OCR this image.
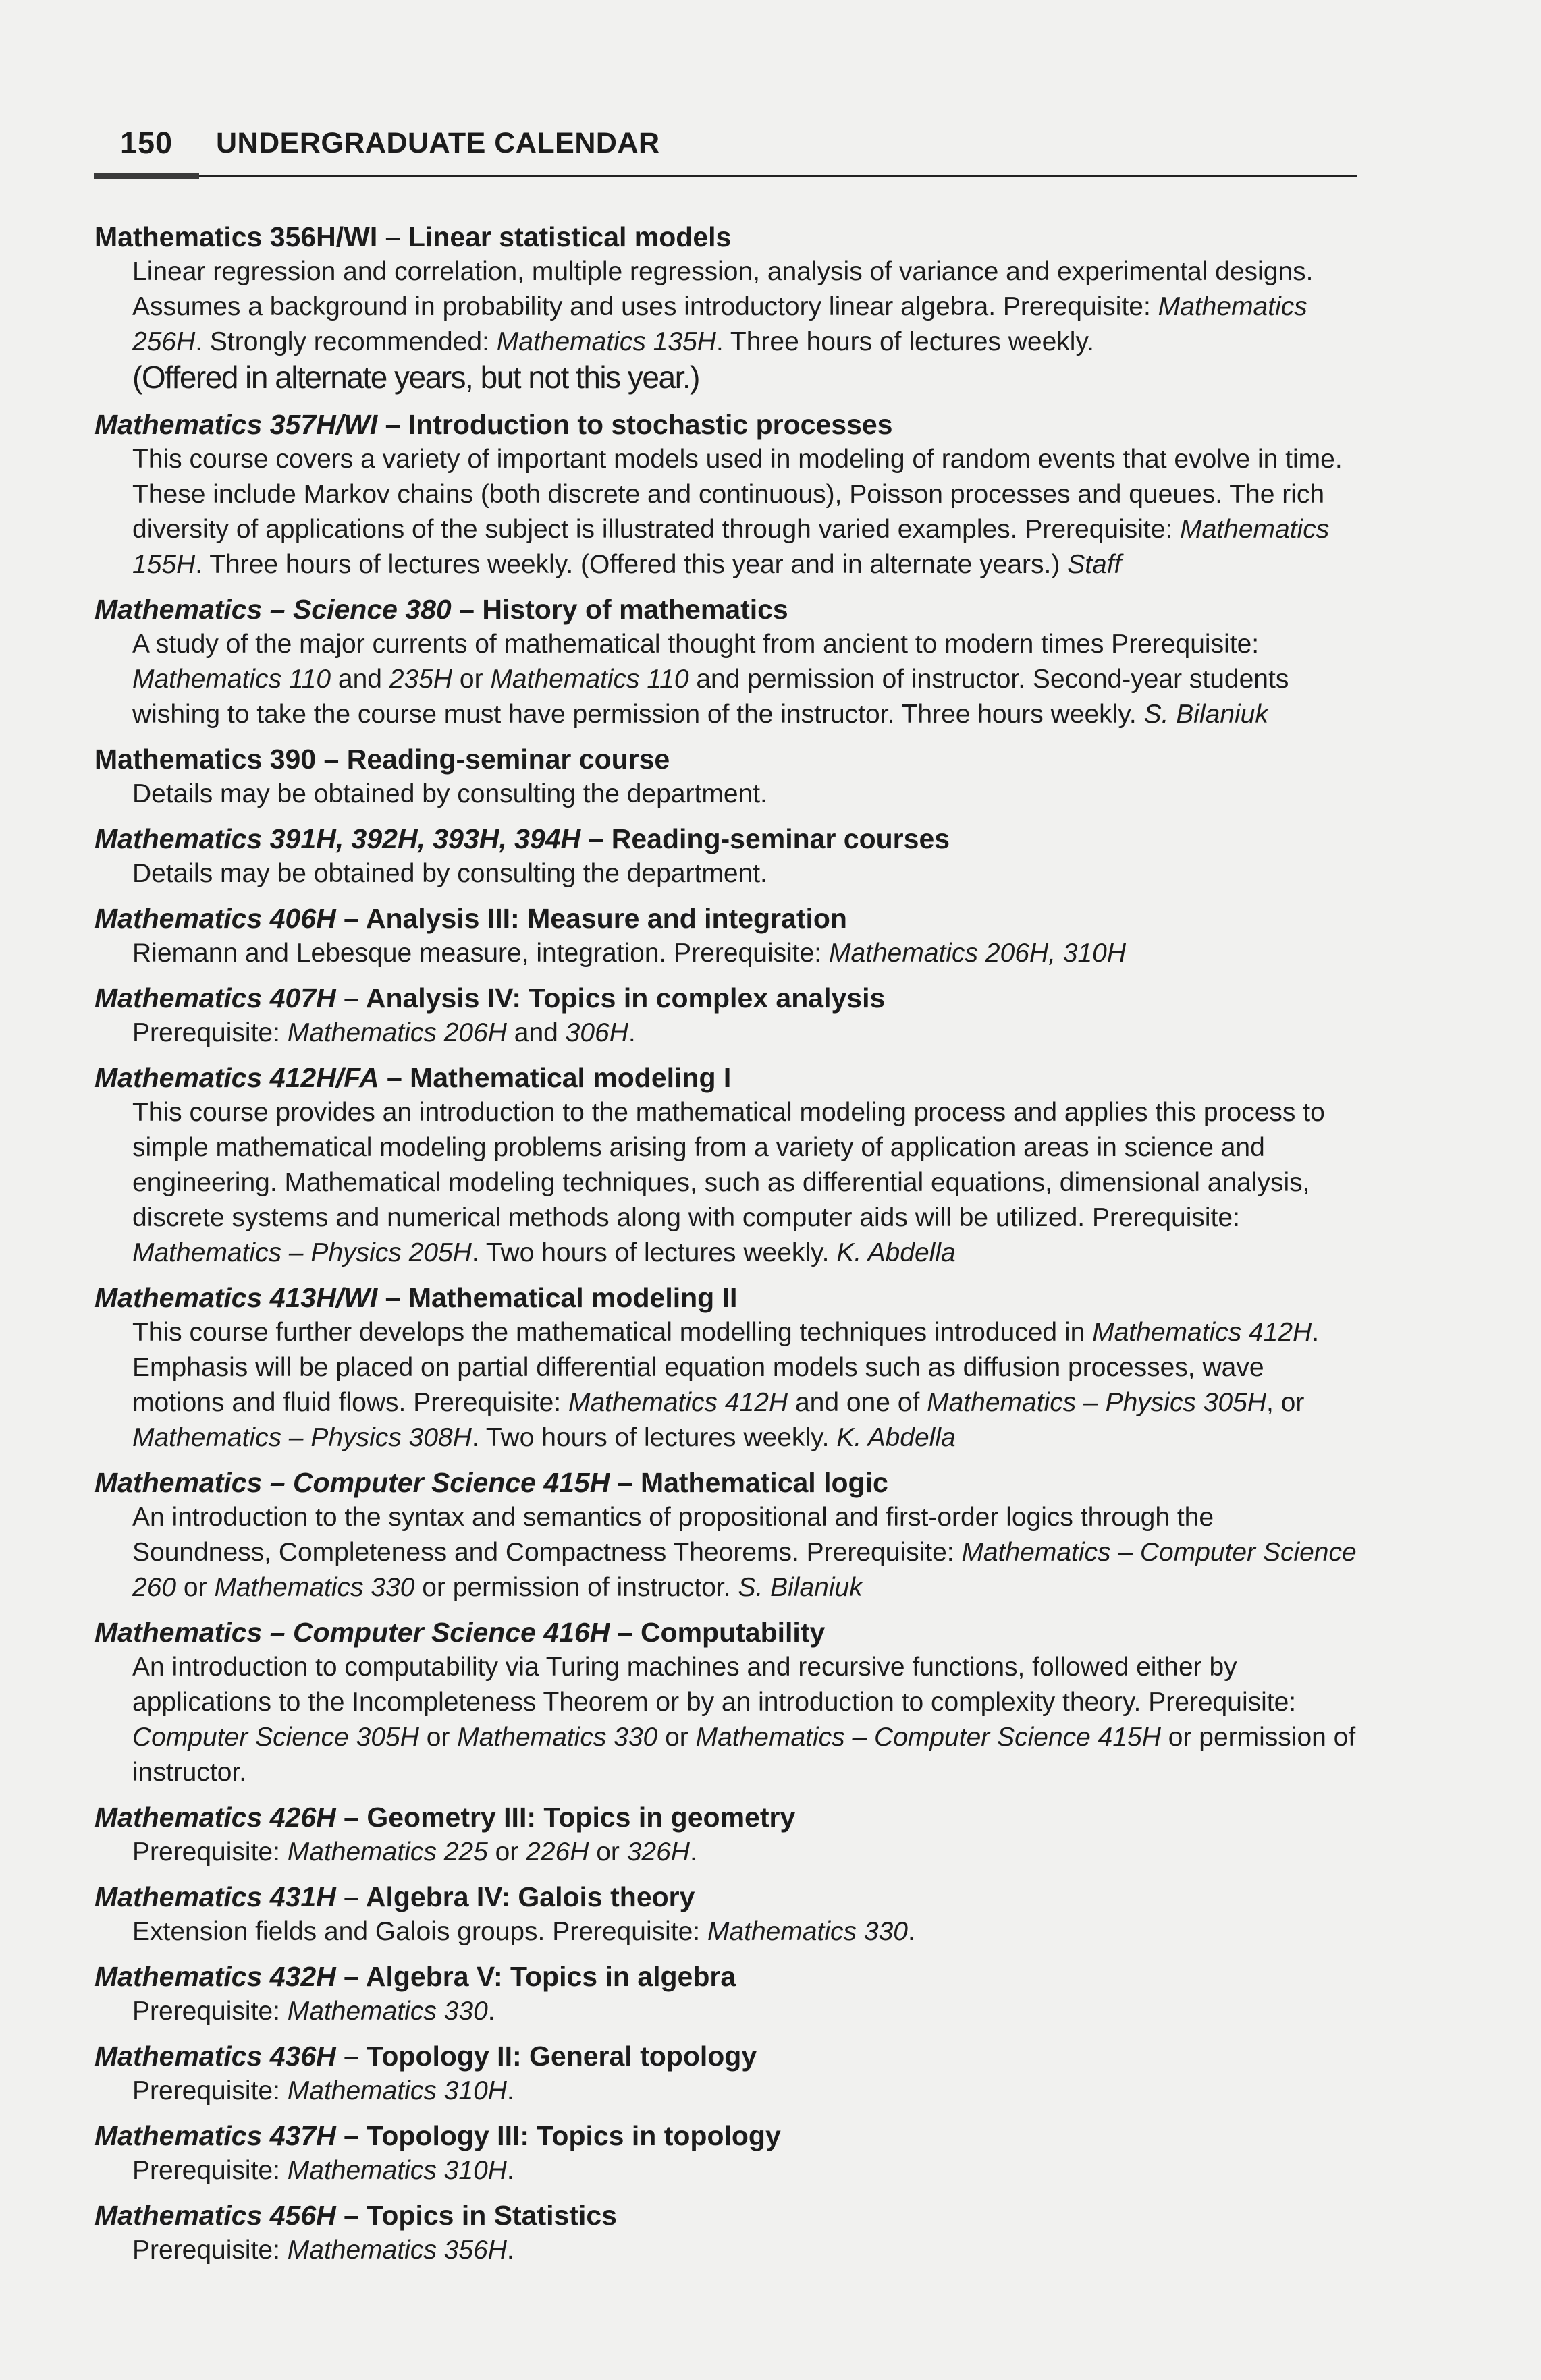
150 UNDERGRADUATE CALENDAR
Mathematics 356H/WI – Linear statistical models
Linear regression and correlation, multiple regression, analysis of variance and experimental designs. Assumes a background in probability and uses introductory linear algebra. Prerequisite: Mathematics 256H. Strongly recommended: Mathematics 135H. Three hours of lectures weekly.
(Offered in alternate years, but not this year.)
Mathematics 357H/WI – Introduction to stochastic processes
This course covers a variety of important models used in modeling of random events that evolve in time. These include Markov chains (both discrete and continuous), Poisson processes and queues. The rich diversity of applications of the subject is illustrated through varied examples. Prerequisite: Mathematics 155H. Three hours of lectures weekly. (Offered this year and in alternate years.) Staff
Mathematics – Science 380 – History of mathematics
A study of the major currents of mathematical thought from ancient to modern times Prerequisite: Mathematics 110 and 235H or Mathematics 110 and permission of instructor. Second-year students wishing to take the course must have permission of the instructor. Three hours weekly. S. Bilaniuk
Mathematics 390 – Reading-seminar course
Details may be obtained by consulting the department.
Mathematics 391H, 392H, 393H, 394H – Reading-seminar courses
Details may be obtained by consulting the department.
Mathematics 406H – Analysis III: Measure and integration
Riemann and Lebesque measure, integration. Prerequisite: Mathematics 206H, 310H
Mathematics 407H – Analysis IV: Topics in complex analysis
Prerequisite: Mathematics 206H and 306H.
Mathematics 412H/FA – Mathematical modeling I
This course provides an introduction to the mathematical modeling process and applies this process to simple mathematical modeling problems arising from a variety of application areas in science and engineering. Mathematical modeling techniques, such as differential equations, dimensional analysis, discrete systems and numerical methods along with computer aids will be utilized. Prerequisite: Mathematics – Physics 205H. Two hours of lectures weekly. K. Abdella
Mathematics 413H/WI – Mathematical modeling II
This course further develops the mathematical modelling techniques introduced in Mathematics 412H. Emphasis will be placed on partial differential equation models such as diffusion processes, wave motions and fluid flows. Prerequisite: Mathematics 412H and one of Mathematics – Physics 305H, or Mathematics – Physics 308H. Two hours of lectures weekly. K. Abdella
Mathematics – Computer Science 415H – Mathematical logic
An introduction to the syntax and semantics of propositional and first-order logics through the Soundness, Completeness and Compactness Theorems. Prerequisite: Mathematics – Computer Science 260 or Mathematics 330 or permission of instructor. S. Bilaniuk
Mathematics – Computer Science 416H – Computability
An introduction to computability via Turing machines and recursive functions, followed either by applications to the Incompleteness Theorem or by an introduction to complexity theory. Prerequisite: Computer Science 305H or Mathematics 330 or Mathematics – Computer Science 415H or permission of instructor.
Mathematics 426H – Geometry III: Topics in geometry
Prerequisite: Mathematics 225 or 226H or 326H.
Mathematics 431H – Algebra IV: Galois theory
Extension fields and Galois groups. Prerequisite: Mathematics 330.
Mathematics 432H – Algebra V: Topics in algebra
Prerequisite: Mathematics 330.
Mathematics 436H – Topology II: General topology
Prerequisite: Mathematics 310H.
Mathematics 437H – Topology III: Topics in topology
Prerequisite: Mathematics 310H.
Mathematics 456H – Topics in Statistics
Prerequisite: Mathematics 356H.
